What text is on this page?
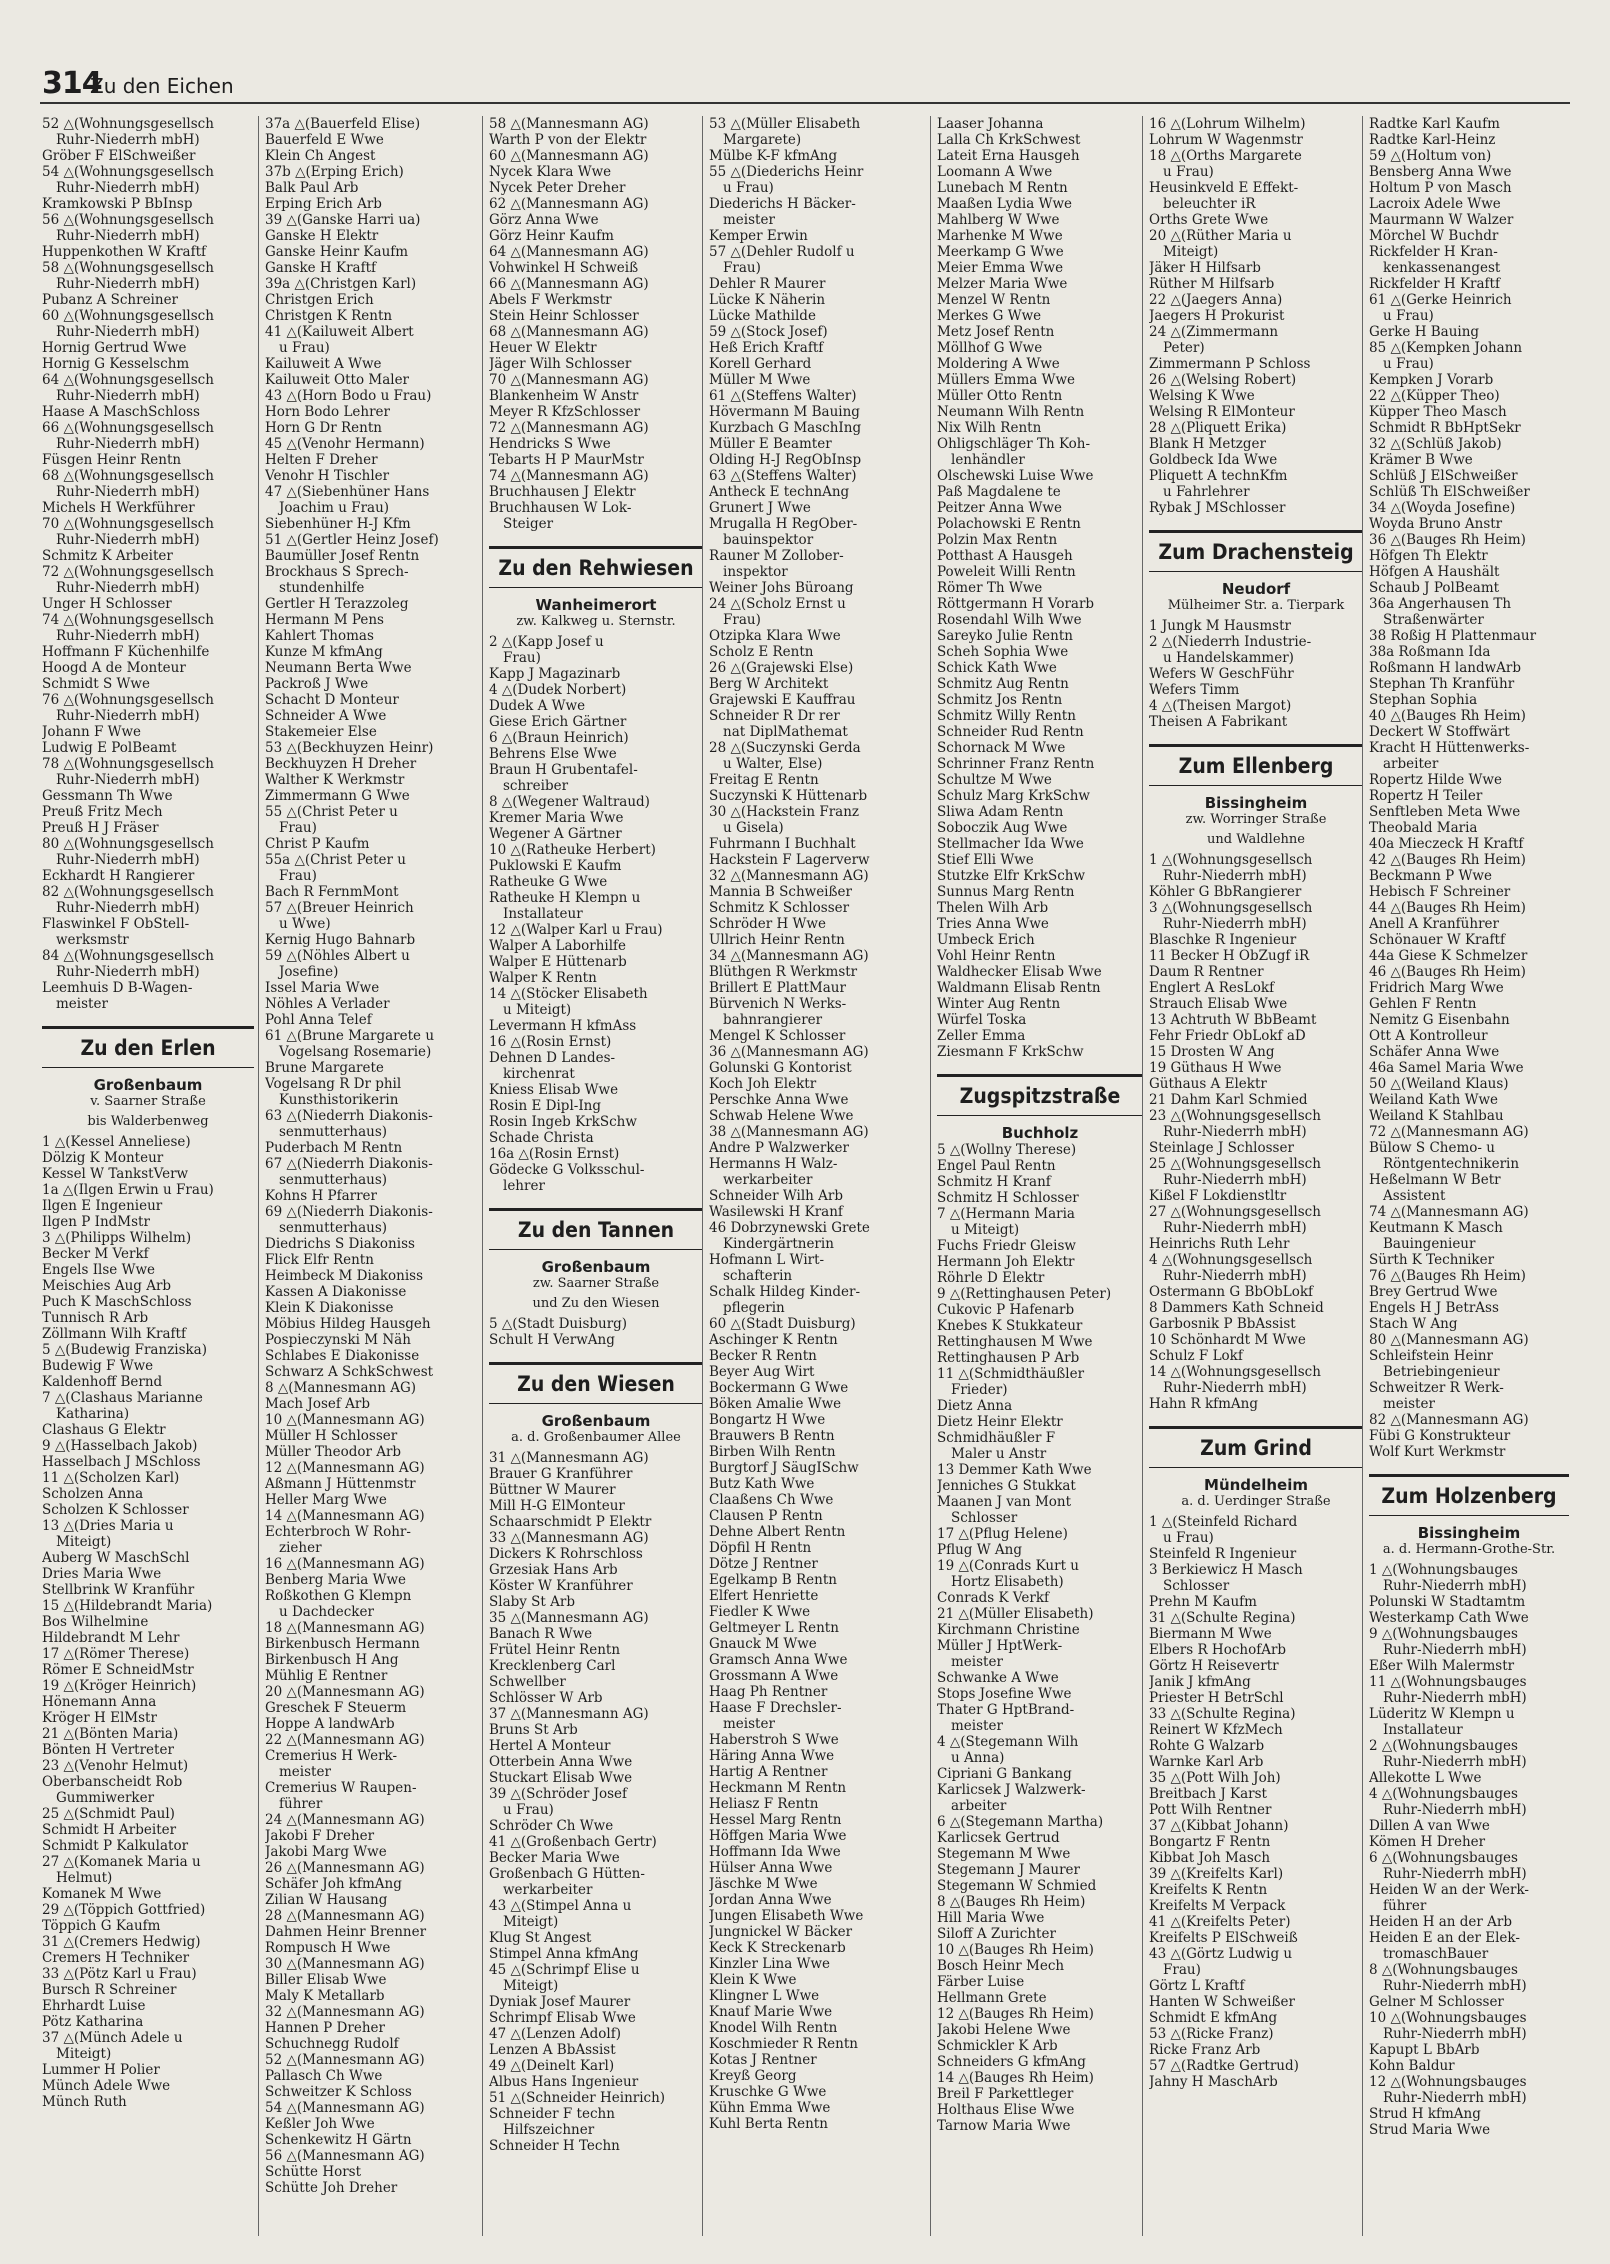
314
Zu den Eichen
52 △(Wohnungsgesellsch
Ruhr-Niederrh mbH)
Gröber F ElSchweißer
54 △(Wohnungsgesellsch
Ruhr-Niederrh mbH)
Kramkowski P BbInsp
56 △(Wohnungsgesellsch
Ruhr-Niederrh mbH)
Huppenkothen W Kraftf
58 △(Wohnungsgesellsch
Ruhr-Niederrh mbH)
Pubanz A Schreiner
60 △(Wohnungsgesellsch
Ruhr-Niederrh mbH)
Hornig Gertrud Wwe
Hornig G Kesselschm
64 △(Wohnungsgesellsch
Ruhr-Niederrh mbH)
Haase A MaschSchloss
66 △(Wohnungsgesellsch
Ruhr-Niederrh mbH)
Füsgen Heinr Rentn
68 △(Wohnungsgesellsch
Ruhr-Niederrh mbH)
Michels H Werkführer
70 △(Wohnungsgesellsch
Ruhr-Niederrh mbH)
Schmitz K Arbeiter
72 △(Wohnungsgesellsch
Ruhr-Niederrh mbH)
Unger H Schlosser
74 △(Wohnungsgesellsch
Ruhr-Niederrh mbH)
Hoffmann F Küchenhilfe
Hoogd A de Monteur
Schmidt S Wwe
76 △(Wohnungsgesellsch
Ruhr-Niederrh mbH)
Johann F Wwe
Ludwig E PolBeamt
78 △(Wohnungsgesellsch
Ruhr-Niederrh mbH)
Gessmann Th Wwe
Preuß Fritz Mech
Preuß H J Fräser
80 △(Wohnungsgesellsch
Ruhr-Niederrh mbH)
Eckhardt H Rangierer
82 △(Wohnungsgesellsch
Ruhr-Niederrh mbH)
Flaswinkel F ObStell-
werksmstr
84 △(Wohnungsgesellsch
Ruhr-Niederrh mbH)
Leemhuis D B-Wagen-
meister
Zu den Erlen
Großenbaum
v. Saarner Straße
bis Walderbenweg
1 △(Kessel Anneliese)
Dölzig K Monteur
Kessel W TankstVerw
1a △(Ilgen Erwin u Frau)
Ilgen E Ingenieur
Ilgen P IndMstr
3 △(Philipps Wilhelm)
Becker M Verkf
Engels Ilse Wwe
Meischies Aug Arb
Puch K MaschSchloss
Tunnisch R Arb
Zöllmann Wilh Kraftf
5 △(Budewig Franziska)
Budewig F Wwe
Kaldenhoff Bernd
7 △(Clashaus Marianne
Katharina)
Clashaus G Elektr
9 △(Hasselbach Jakob)
Hasselbach J MSchloss
11 △(Scholzen Karl)
Scholzen Anna
Scholzen K Schlosser
13 △(Dries Maria u
Miteigt)
Auberg W MaschSchl
Dries Maria Wwe
Stellbrink W Kranführ
15 △(Hildebrandt Maria)
Bos Wilhelmine
Hildebrandt M Lehr
17 △(Römer Therese)
Römer E SchneidMstr
19 △(Kröger Heinrich)
Hönemann Anna
Kröger H ElMstr
21 △(Bönten Maria)
Bönten H Vertreter
23 △(Venohr Helmut)
Oberbanscheidt Rob
Gummiwerker
25 △(Schmidt Paul)
Schmidt H Arbeiter
Schmidt P Kalkulator
27 △(Komanek Maria u
Helmut)
Komanek M Wwe
29 △(Töppich Gottfried)
Töppich G Kaufm
31 △(Cremers Hedwig)
Cremers H Techniker
33 △(Pötz Karl u Frau)
Bursch R Schreiner
Ehrhardt Luise
Pötz Katharina
37 △(Münch Adele u
Miteigt)
Lummer H Polier
Münch Adele Wwe
Münch Ruth
37a △(Bauerfeld Elise)
Bauerfeld E Wwe
Klein Ch Angest
37b △(Erping Erich)
Balk Paul Arb
Erping Erich Arb
39 △(Ganske Harri ua)
Ganske H Elektr
Ganske Heinr Kaufm
Ganske H Kraftf
39a △(Christgen Karl)
Christgen Erich
Christgen K Rentn
41 △(Kailuweit Albert
u Frau)
Kailuweit A Wwe
Kailuweit Otto Maler
43 △(Horn Bodo u Frau)
Horn Bodo Lehrer
Horn G Dr Rentn
45 △(Venohr Hermann)
Helten F Dreher
Venohr H Tischler
47 △(Siebenhüner Hans
Joachim u Frau)
Siebenhüner H-J Kfm
51 △(Gertler Heinz Josef)
Baumüller Josef Rentn
Brockhaus S Sprech-
stundenhilfe
Gertler H Terazzoleg
Hermann M Pens
Kahlert Thomas
Kunze M kfmAng
Neumann Berta Wwe
Packroß J Wwe
Schacht D Monteur
Schneider A Wwe
Stakemeier Else
53 △(Beckhuyzen Heinr)
Beckhuyzen H Dreher
Walther K Werkmstr
Zimmermann G Wwe
55 △(Christ Peter u
Frau)
Christ P Kaufm
55a △(Christ Peter u
Frau)
Bach R FernmMont
57 △(Breuer Heinrich
u Wwe)
Kernig Hugo Bahnarb
59 △(Nöhles Albert u
Josefine)
Issel Maria Wwe
Nöhles A Verlader
Pohl Anna Telef
61 △(Brune Margarete u
Vogelsang Rosemarie)
Brune Margarete
Vogelsang R Dr phil
Kunsthistorikerin
63 △(Niederrh Diakonis-
senmutterhaus)
Puderbach M Rentn
67 △(Niederrh Diakonis-
senmutterhaus)
Kohns H Pfarrer
69 △(Niederrh Diakonis-
senmutterhaus)
Diedrichs S Diakoniss
Flick Elfr Rentn
Heimbeck M Diakoniss
Kassen A Diakonisse
Klein K Diakonisse
Möbius Hildeg Hausgeh
Pospieczynski M Näh
Schlabes E Diakonisse
Schwarz A SchkSchwest
8 △(Mannesmann AG)
Mach Josef Arb
10 △(Mannesmann AG)
Müller H Schlosser
Müller Theodor Arb
12 △(Mannesmann AG)
Aßmann J Hüttenmstr
Heller Marg Wwe
14 △(Mannesmann AG)
Echterbroch W Rohr-
zieher
16 △(Mannesmann AG)
Benberg Maria Wwe
Roßkothen G Klempn
u Dachdecker
18 △(Mannesmann AG)
Birkenbusch Hermann
Birkenbusch H Ang
Mühlig E Rentner
20 △(Mannesmann AG)
Greschek F Steuerm
Hoppe A landwArb
22 △(Mannesmann AG)
Cremerius H Werk-
meister
Cremerius W Raupen-
führer
24 △(Mannesmann AG)
Jakobi F Dreher
Jakobi Marg Wwe
26 △(Mannesmann AG)
Schäfer Joh kfmAng
Zilian W Hausang
28 △(Mannesmann AG)
Dahmen Heinr Brenner
Rompusch H Wwe
30 △(Mannesmann AG)
Biller Elisab Wwe
Maly K Metallarb
32 △(Mannesmann AG)
Hannen P Dreher
Schuchnegg Rudolf
52 △(Mannesmann AG)
Pallasch Ch Wwe
Schweitzer K Schloss
54 △(Mannesmann AG)
Keßler Joh Wwe
Schenkewitz H Gärtn
56 △(Mannesmann AG)
Schütte Horst
Schütte Joh Dreher
58 △(Mannesmann AG)
Warth P von der Elektr
60 △(Mannesmann AG)
Nycek Klara Wwe
Nycek Peter Dreher
62 △(Mannesmann AG)
Görz Anna Wwe
Görz Heinr Kaufm
64 △(Mannesmann AG)
Vohwinkel H Schweiß
66 △(Mannesmann AG)
Abels F Werkmstr
Stein Heinr Schlosser
68 △(Mannesmann AG)
Heuer W Elektr
Jäger Wilh Schlosser
70 △(Mannesmann AG)
Blankenheim W Anstr
Meyer R KfzSchlosser
72 △(Mannesmann AG)
Hendricks S Wwe
Tebarts H P MaurMstr
74 △(Mannesmann AG)
Bruchhausen J Elektr
Bruchhausen W Lok-
Steiger
Zu den Rehwiesen
Wanheimerort
zw. Kalkweg u. Sternstr.
2 △(Kapp Josef u
Frau)
Kapp J Magazinarb
4 △(Dudek Norbert)
Dudek A Wwe
Giese Erich Gärtner
6 △(Braun Heinrich)
Behrens Else Wwe
Braun H Grubentafel-
schreiber
8 △(Wegener Waltraud)
Kremer Maria Wwe
Wegener A Gärtner
10 △(Ratheuke Herbert)
Puklowski E Kaufm
Ratheuke G Wwe
Ratheuke H Klempn u
Installateur
12 △(Walper Karl u Frau)
Walper A Laborhilfe
Walper E Hüttenarb
Walper K Rentn
14 △(Stöcker Elisabeth
u Miteigt)
Levermann H kfmAss
16 △(Rosin Ernst)
Dehnen D Landes-
kirchenrat
Kniess Elisab Wwe
Rosin E Dipl-Ing
Rosin Ingeb KrkSchw
Schade Christa
16a △(Rosin Ernst)
Gödecke G Volksschul-
lehrer
Zu den Tannen
Großenbaum
zw. Saarner Straße
und Zu den Wiesen
5 △(Stadt Duisburg)
Schult H VerwAng
Zu den Wiesen
Großenbaum
a. d. Großenbaumer Allee
31 △(Mannesmann AG)
Brauer G Kranführer
Büttner W Maurer
Mill H-G ElMonteur
Schaarschmidt P Elektr
33 △(Mannesmann AG)
Dickers K Rohrschloss
Grzesiak Hans Arb
Köster W Kranführer
Slaby St Arb
35 △(Mannesmann AG)
Banach R Wwe
Frütel Heinr Rentn
Krecklenberg Carl
Schwellber
Schlösser W Arb
37 △(Mannesmann AG)
Bruns St Arb
Hertel A Monteur
Otterbein Anna Wwe
Stuckart Elisab Wwe
39 △(Schröder Josef
u Frau)
Schröder Ch Wwe
41 △(Großenbach Gertr)
Becker Maria Wwe
Großenbach G Hütten-
werkarbeiter
43 △(Stimpel Anna u
Miteigt)
Klug St Angest
Stimpel Anna kfmAng
45 △(Schrimpf Elise u
Miteigt)
Dyniak Josef Maurer
Schrimpf Elisab Wwe
47 △(Lenzen Adolf)
Lenzen A BbAssist
49 △(Deinelt Karl)
Albus Hans Ingenieur
51 △(Schneider Heinrich)
Schneider F techn
Hilfszeichner
Schneider H Techn
53 △(Müller Elisabeth
Margarete)
Mülbe K-F kfmAng
55 △(Diederichs Heinr
u Frau)
Diederichs H Bäcker-
meister
Kemper Erwin
57 △(Dehler Rudolf u
Frau)
Dehler R Maurer
Lücke K Näherin
Lücke Mathilde
59 △(Stock Josef)
Heß Erich Kraftf
Korell Gerhard
Müller M Wwe
61 △(Steffens Walter)
Hövermann M Bauing
Kurzbach G MaschIng
Müller E Beamter
Olding H-J RegObInsp
63 △(Steffens Walter)
Antheck E technAng
Grunert J Wwe
Mrugalla H RegOber-
bauinspektor
Rauner M Zollober-
inspektor
Weiner Johs Büroang
24 △(Scholz Ernst u
Frau)
Otzipka Klara Wwe
Scholz E Rentn
26 △(Grajewski Else)
Berg W Architekt
Grajewski E Kauffrau
Schneider R Dr rer
nat DiplMathemat
28 △(Suczynski Gerda
u Walter, Else)
Freitag E Rentn
Suczynski K Hüttenarb
30 △(Hackstein Franz
u Gisela)
Fuhrmann I Buchhalt
Hackstein F Lagerverw
32 △(Mannesmann AG)
Mannia B Schweißer
Schmitz K Schlosser
Schröder H Wwe
Ullrich Heinr Rentn
34 △(Mannesmann AG)
Blüthgen R Werkmstr
Brillert E PlattMaur
Bürvenich N Werks-
bahnrangierer
Mengel K Schlosser
36 △(Mannesmann AG)
Golunski G Kontorist
Koch Joh Elektr
Perschke Anna Wwe
Schwab Helene Wwe
38 △(Mannesmann AG)
Andre P Walzwerker
Hermanns H Walz-
werkarbeiter
Schneider Wilh Arb
Wasilewski H Kranf
46 Dobrzynewski Grete
Kindergärtnerin
Hofmann L Wirt-
schafterin
Schalk Hildeg Kinder-
pflegerin
60 △(Stadt Duisburg)
Aschinger K Rentn
Becker R Rentn
Beyer Aug Wirt
Bockermann G Wwe
Böken Amalie Wwe
Bongartz H Wwe
Brauwers B Rentn
Birben Wilh Rentn
Burgtorf J SäugISchw
Butz Kath Wwe
Claaßens Ch Wwe
Clausen P Rentn
Dehne Albert Rentn
Döpfil H Rentn
Dötze J Rentner
Egelkamp B Rentn
Elfert Henriette
Fiedler K Wwe
Geltmeyer L Rentn
Gnauck M Wwe
Gramsch Anna Wwe
Grossmann A Wwe
Haag Ph Rentner
Haase F Drechsler-
meister
Haberstroh S Wwe
Häring Anna Wwe
Hartig A Rentner
Heckmann M Rentn
Heliasz F Rentn
Hessel Marg Rentn
Höffgen Maria Wwe
Hoffmann Ida Wwe
Hülser Anna Wwe
Jäschke M Wwe
Jordan Anna Wwe
Jungen Elisabeth Wwe
Jungnickel W Bäcker
Keck K Streckenarb
Kinzler Lina Wwe
Klein K Wwe
Klingner L Wwe
Knauf Marie Wwe
Knodel Wilh Rentn
Koschmieder R Rentn
Kotas J Rentner
Kreyß Georg
Kruschke G Wwe
Kühn Emma Wwe
Kuhl Berta Rentn
Laaser Johanna
Lalla Ch KrkSchwest
Lateit Erna Hausgeh
Loomann A Wwe
Lunebach M Rentn
Maaßen Lydia Wwe
Mahlberg W Wwe
Marhenke M Wwe
Meerkamp G Wwe
Meier Emma Wwe
Melzer Maria Wwe
Menzel W Rentn
Merkes G Wwe
Metz Josef Rentn
Möllhof G Wwe
Moldering A Wwe
Müllers Emma Wwe
Müller Otto Rentn
Neumann Wilh Rentn
Nix Wilh Rentn
Ohligschläger Th Koh-
lenhändler
Olschewski Luise Wwe
Paß Magdalene te
Peitzer Anna Wwe
Polachowski E Rentn
Polzin Max Rentn
Potthast A Hausgeh
Poweleit Willi Rentn
Römer Th Wwe
Röttgermann H Vorarb
Rosendahl Wilh Wwe
Sareyko Julie Rentn
Scheh Sophia Wwe
Schick Kath Wwe
Schmitz Aug Rentn
Schmitz Jos Rentn
Schmitz Willy Rentn
Schneider Rud Rentn
Schornack M Wwe
Schrinner Franz Rentn
Schultze M Wwe
Schulz Marg KrkSchw
Sliwa Adam Rentn
Soboczik Aug Wwe
Stellmacher Ida Wwe
Stief Elli Wwe
Stutzke Elfr KrkSchw
Sunnus Marg Rentn
Thelen Wilh Arb
Tries Anna Wwe
Umbeck Erich
Vohl Heinr Rentn
Waldhecker Elisab Wwe
Waldmann Elisab Rentn
Winter Aug Rentn
Würfel Toska
Zeller Emma
Ziesmann F KrkSchw
Zugspitzstraße
Buchholz
5 △(Wollny Therese)
Engel Paul Rentn
Schmitz H Kranf
Schmitz H Schlosser
7 △(Hermann Maria
u Miteigt)
Fuchs Friedr Gleisw
Hermann Joh Elektr
Röhrle D Elektr
9 △(Rettinghausen Peter)
Cukovic P Hafenarb
Knebes K Stukkateur
Rettinghausen M Wwe
Rettinghausen P Arb
11 △(Schmidthäußler
Frieder)
Dietz Anna
Dietz Heinr Elektr
Schmidhäußler F
Maler u Anstr
13 Demmer Kath Wwe
Jenniches G Stukkat
Maanen J van Mont
Schlosser
17 △(Pflug Helene)
Pflug W Ang
19 △(Conrads Kurt u
Hortz Elisabeth)
Conrads K Verkf
21 △(Müller Elisabeth)
Kirchmann Christine
Müller J HptWerk-
meister
Schwanke A Wwe
Stops Josefine Wwe
Thater G HptBrand-
meister
4 △(Stegemann Wilh
u Anna)
Cipriani G Bankang
Karlicsek J Walzwerk-
arbeiter
6 △(Stegemann Martha)
Karlicsek Gertrud
Stegemann M Wwe
Stegemann J Maurer
Stegemann W Schmied
8 △(Bauges Rh Heim)
Hill Maria Wwe
Siloff A Zurichter
10 △(Bauges Rh Heim)
Bosch Heinr Mech
Färber Luise
Hellmann Grete
12 △(Bauges Rh Heim)
Jakobi Helene Wwe
Schmickler K Arb
Schneiders G kfmAng
14 △(Bauges Rh Heim)
Breil F Parkettleger
Holthaus Elise Wwe
Tarnow Maria Wwe
16 △(Lohrum Wilhelm)
Lohrum W Wagenmstr
18 △(Orths Margarete
u Frau)
Heusinkveld E Effekt-
beleuchter iR
Orths Grete Wwe
20 △(Rüther Maria u
Miteigt)
Jäker H Hilfsarb
Rüther M Hilfsarb
22 △(Jaegers Anna)
Jaegers H Prokurist
24 △(Zimmermann
Peter)
Zimmermann P Schloss
26 △(Welsing Robert)
Welsing K Wwe
Welsing R ElMonteur
28 △(Pliquett Erika)
Blank H Metzger
Goldbeck Ida Wwe
Pliquett A technKfm
u Fahrlehrer
Rybak J MSchlosser
Zum Drachensteig
Neudorf
Mülheimer Str. a. Tierpark
1 Jungk M Hausmstr
2 △(Niederrh Industrie-
u Handelskammer)
Wefers W GeschFühr
Wefers Timm
4 △(Theisen Margot)
Theisen A Fabrikant
Zum Ellenberg
Bissingheim
zw. Worringer Straße
und Waldlehne
1 △(Wohnungsgesellsch
Ruhr-Niederrh mbH)
Köhler G BbRangierer
3 △(Wohnungsgesellsch
Ruhr-Niederrh mbH)
Blaschke R Ingenieur
11 Becker H ObZugf iR
Daum R Rentner
Englert A ResLokf
Strauch Elisab Wwe
13 Achtruth W BbBeamt
Fehr Friedr ObLokf aD
15 Drosten W Ang
19 Güthaus H Wwe
Güthaus A Elektr
21 Dahm Karl Schmied
23 △(Wohnungsgesellsch
Ruhr-Niederrh mbH)
Steinlage J Schlosser
25 △(Wohnungsgesellsch
Ruhr-Niederrh mbH)
Kißel F Lokdienstltr
27 △(Wohnungsgesellsch
Ruhr-Niederrh mbH)
Heinrichs Ruth Lehr
4 △(Wohnungsgesellsch
Ruhr-Niederrh mbH)
Ostermann G BbObLokf
8 Dammers Kath Schneid
Garbosnik P BbAssist
10 Schönhardt M Wwe
Schulz F Lokf
14 △(Wohnungsgesellsch
Ruhr-Niederrh mbH)
Hahn R kfmAng
Zum Grind
Mündelheim
a. d. Uerdinger Straße
1 △(Steinfeld Richard
u Frau)
Steinfeld R Ingenieur
3 Berkiewicz H Masch
Schlosser
Prehn M Kaufm
31 △(Schulte Regina)
Biermann M Wwe
Elbers R HochofArb
Görtz H Reisevertr
Janik J kfmAng
Priester H BetrSchl
33 △(Schulte Regina)
Reinert W KfzMech
Rohte G Walzarb
Warnke Karl Arb
35 △(Pott Wilh Joh)
Breitbach J Karst
Pott Wilh Rentner
37 △(Kibbat Johann)
Bongartz F Rentn
Kibbat Joh Masch
39 △(Kreifelts Karl)
Kreifelts K Rentn
Kreifelts M Verpack
41 △(Kreifelts Peter)
Kreifelts P ElSchweiß
43 △(Görtz Ludwig u
Frau)
Görtz L Kraftf
Hanten W Schweißer
Schmidt E kfmAng
53 △(Ricke Franz)
Ricke Franz Arb
57 △(Radtke Gertrud)
Jahny H MaschArb
Radtke Karl Kaufm
Radtke Karl-Heinz
59 △(Holtum von)
Bensberg Anna Wwe
Holtum P von Masch
Lacroix Adele Wwe
Maurmann W Walzer
Mörchel W Buchdr
Rickfelder H Kran-
kenkassenangest
Rickfelder H Kraftf
61 △(Gerke Heinrich
u Frau)
Gerke H Bauing
85 △(Kempken Johann
u Frau)
Kempken J Vorarb
22 △(Küpper Theo)
Küpper Theo Masch
Schmidt R BbHptSekr
32 △(Schlüß Jakob)
Krämer B Wwe
Schlüß J ElSchweißer
Schlüß Th ElSchweißer
34 △(Woyda Josefine)
Woyda Bruno Anstr
36 △(Bauges Rh Heim)
Höfgen Th Elektr
Höfgen A Haushält
Schaub J PolBeamt
36a Angerhausen Th
Straßenwärter
38 Roßig H Plattenmaur
38a Roßmann Ida
Roßmann H landwArb
Stephan Th Kranführ
Stephan Sophia
40 △(Bauges Rh Heim)
Deckert W Stoffwärt
Kracht H Hüttenwerks-
arbeiter
Ropertz Hilde Wwe
Ropertz H Teiler
Senftleben Meta Wwe
Theobald Maria
40a Mieczeck H Kraftf
42 △(Bauges Rh Heim)
Beckmann P Wwe
Hebisch F Schreiner
44 △(Bauges Rh Heim)
Anell A Kranführer
Schönauer W Kraftf
44a Giese K Schmelzer
46 △(Bauges Rh Heim)
Fridrich Marg Wwe
Gehlen F Rentn
Nemitz G Eisenbahn
Ott A Kontrolleur
Schäfer Anna Wwe
46a Samel Maria Wwe
50 △(Weiland Klaus)
Weiland Kath Wwe
Weiland K Stahlbau
72 △(Mannesmann AG)
Bülow S Chemo- u
Röntgentechnikerin
Heßelmann W Betr
Assistent
74 △(Mannesmann AG)
Keutmann K Masch
Bauingenieur
Sürth K Techniker
76 △(Bauges Rh Heim)
Brey Gertrud Wwe
Engels H J BetrAss
Stach W Ang
80 △(Mannesmann AG)
Schleifstein Heinr
Betriebingenieur
Schweitzer R Werk-
meister
82 △(Mannesmann AG)
Fübi G Konstrukteur
Wolf Kurt Werkmstr
Zum Holzenberg
Bissingheim
a. d. Hermann-Grothe-Str.
1 △(Wohnungsbauges
Ruhr-Niederrh mbH)
Polunski W Stadtamtm
Westerkamp Cath Wwe
9 △(Wohnungsbauges
Ruhr-Niederrh mbH)
Eßer Wilh Malermstr
11 △(Wohnungsbauges
Ruhr-Niederrh mbH)
Lüderitz W Klempn u
Installateur
2 △(Wohnungsbauges
Ruhr-Niederrh mbH)
Allekotte L Wwe
4 △(Wohnungsbauges
Ruhr-Niederrh mbH)
Dillen A van Wwe
Kömen H Dreher
6 △(Wohnungsbauges
Ruhr-Niederrh mbH)
Heiden W an der Werk-
führer
Heiden H an der Arb
Heiden E an der Elek-
tromaschBauer
8 △(Wohnungsbauges
Ruhr-Niederrh mbH)
Gelner M Schlosser
10 △(Wohnungsbauges
Ruhr-Niederrh mbH)
Kapupt L BbArb
Kohn Baldur
12 △(Wohnungsbauges
Ruhr-Niederrh mbH)
Strud H kfmAng
Strud Maria Wwe
